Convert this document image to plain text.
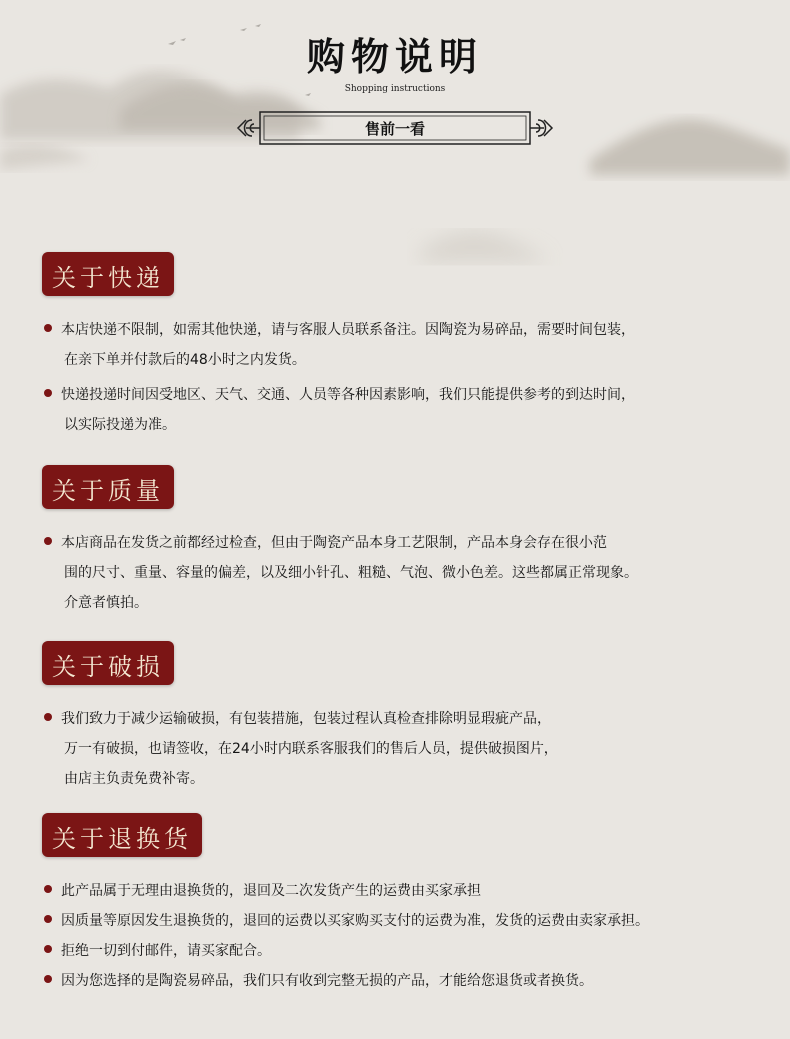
购物说明
Shopping instructions
售前一看
关于快递
本店快递不限制，如需其他快递，请与客服人员联系备注。因陶瓷为易碎品，需要时间包装，
在亲下单并付款后的48小时之内发货。
快递投递时间因受地区、天气、交通、人员等各种因素影响，我们只能提供参考的到达时间，
以实际投递为准。
关于质量
本店商品在发货之前都经过检查，但由于陶瓷产品本身工艺限制，产品本身会存在很小范
围的尺寸、重量、容量的偏差，以及细小针孔、粗糙、气泡、微小色差。这些都属正常现象。
介意者慎拍。
关于破损
我们致力于减少运输破损，有包装措施，包装过程认真检查排除明显瑕疵产品，
万一有破损，也请签收，在24小时内联系客服我们的售后人员，提供破损图片，
由店主负责免费补寄。
关于退换货
此产品属于无理由退换货的，退回及二次发货产生的运费由买家承担
因质量等原因发生退换货的，退回的运费以买家购买支付的运费为准，发货的运费由卖家承担。
拒绝一切到付邮件，请买家配合。
因为您选择的是陶瓷易碎品，我们只有收到完整无损的产品，才能给您退货或者换货。
